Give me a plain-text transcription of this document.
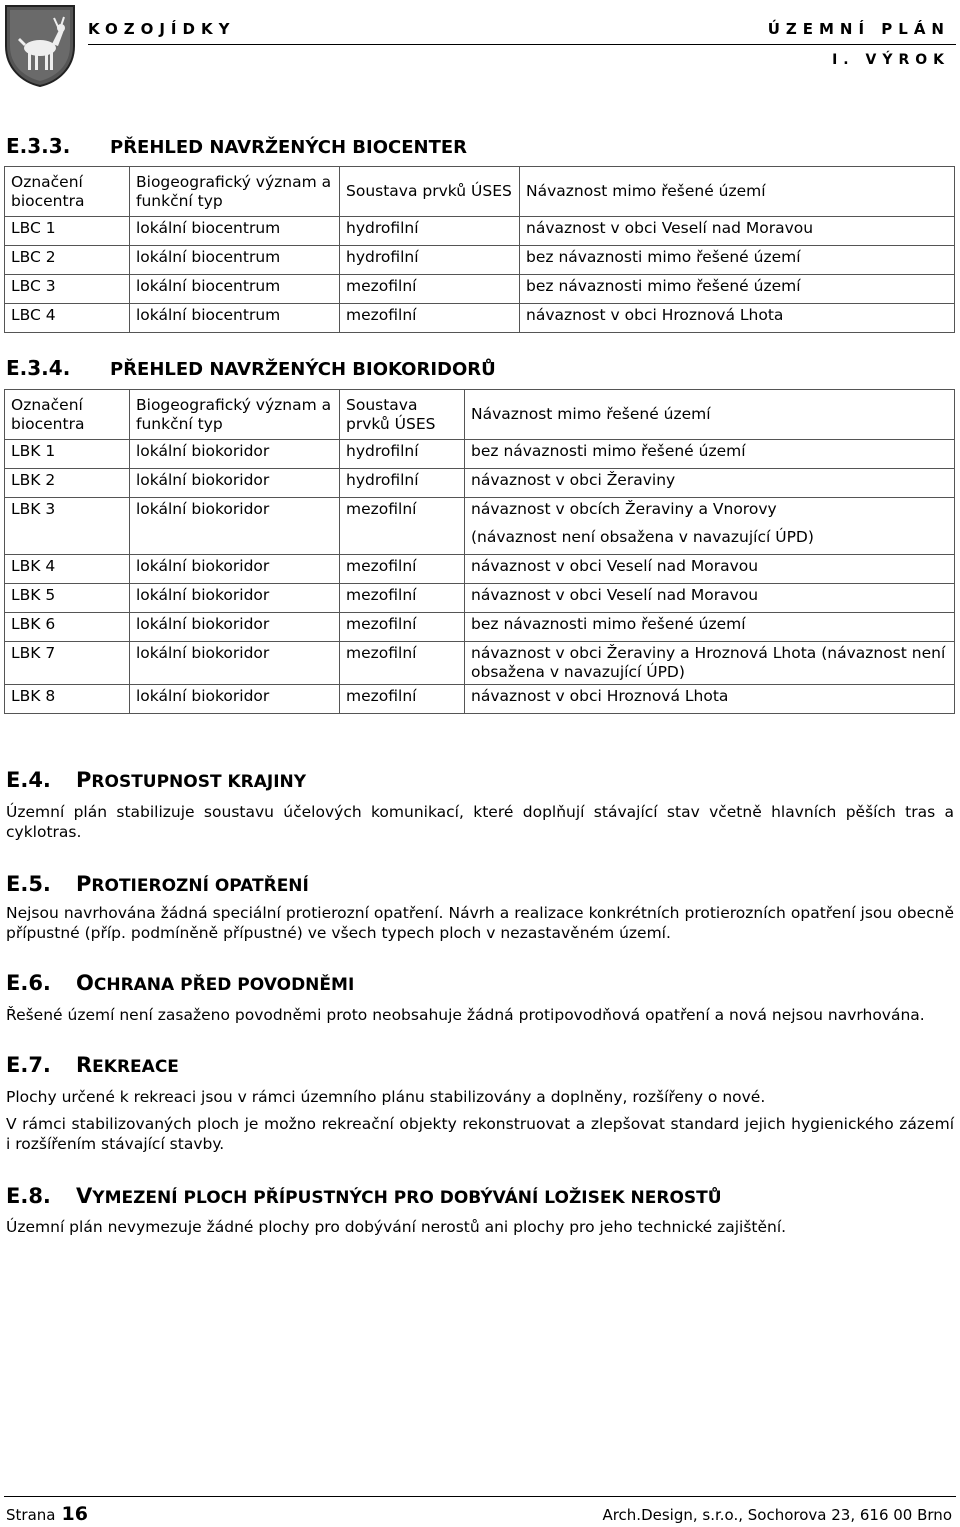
KOZOJÍDKY	ÚZEMNÍ PLÁN
I. VÝROK
E.3.3. PŘEHLED NAVRŽENÝCH BIOCENTER
Označení biocentra	Biogeografický význam a funkční typ	Soustava prvků ÚSES	Návaznost mimo řešené území
LBC 1	lokální biocentrum	hydrofilní	návaznost v obci Veselí nad Moravou
LBC 2	lokální biocentrum	hydrofilní	bez návaznosti mimo řešené území
LBC 3	lokální biocentrum	mezofilní	bez návaznosti mimo řešené území
LBC 4	lokální biocentrum	mezofilní	návaznost v obci Hroznová Lhota
E.3.4. PŘEHLED NAVRŽENÝCH BIOKORIDORŮ
Označení biocentra	Biogeografický význam a funkční typ	Soustava prvků ÚSES	Návaznost mimo řešené území
LBK 1	lokální biokoridor	hydrofilní	bez návaznosti mimo řešené území
LBK 2	lokální biokoridor	hydrofilní	návaznost v obci Žeraviny
LBK 3	lokální biokoridor	mezofilní	návaznost v obcích Žeraviny a Vnorovy
			(návaznost není obsažena v navazující ÚPD)
LBK 4	lokální biokoridor	mezofilní	návaznost v obci Veselí nad Moravou
LBK 5	lokální biokoridor	mezofilní	návaznost v obci Veselí nad Moravou
LBK 6	lokální biokoridor	mezofilní	bez návaznosti mimo řešené území
LBK 7	lokální biokoridor	mezofilní	návaznost v obci Žeraviny a Hroznová Lhota (návaznost není obsažena v navazující ÚPD)
LBK 8	lokální biokoridor	mezofilní	návaznost v obci Hroznová Lhota
E.4. PROSTUPNOST KRAJINY
Územní plán stabilizuje soustavu účelových komunikací, které doplňují stávající stav včetně hlavních pěších tras a cyklotras.
E.5. PROTIEROZNÍ OPATŘENÍ
Nejsou navrhována žádná speciální protierozní opatření. Návrh a realizace konkrétních protierozních opatření jsou obecně přípustné (příp. podmíněně přípustné) ve všech typech ploch v nezastavěném území.
E.6. OCHRANA PŘED POVODNĚMI
Řešené území není zasaženo povodněmi proto neobsahuje žádná protipovodňová opatření a nová nejsou navrhována.
E.7. REKREACE
Plochy určené k rekreaci jsou v rámci územního plánu stabilizovány a doplněny, rozšířeny o nové.
V rámci stabilizovaných ploch je možno rekreační objekty rekonstruovat a zlepšovat standard jejich hygienického zázemí i rozšířením stávající stavby.
E.8. VYMEZENÍ PLOCH PŘÍPUSTNÝCH PRO DOBÝVÁNÍ LOŽISEK NEROSTŮ
Územní plán nevymezuje žádné plochy pro dobývání nerostů ani plochy pro jeho technické zajištění.
Strana 16	Arch.Design, s.r.o., Sochorova 23, 616 00 Brno
